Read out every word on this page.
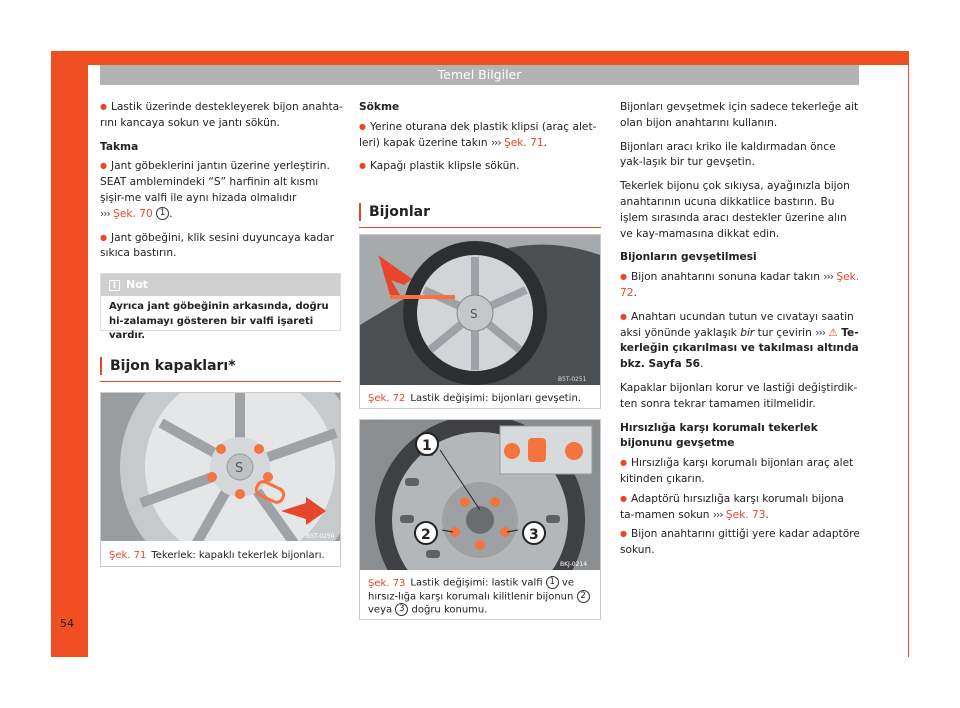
Temel Bilgiler
54

● Lastik üzerinde destekleyerek bijon anahta-rını kancaya sokun ve jantı sökün.

Takma

● Jant göbeklerini jantın üzerine yerleştirin. SEAT amblemindeki “S” harfinin alt kısmı şişir-me valfi ile aynı hizada olmalıdır
››› Şek. 70 1 .

● Jant göbeğini, klik sesini duyuncaya kadar sıkıca bastırın.

i Not
Ayrıca jant göbeğinin arkasında, doğru hi-zalamayı gösteren bir valfi işareti vardır.
Bijon kapakları*
S
B5T-0250
Şek. 71 Tekerlek: kapaklı tekerlek bijonları.

Sökme

● Yerine oturana dek plastik klipsi (araç alet-leri) kapak üzerine takın ››› Şek. 71.

● Kapağı plastik klipsle sökün.

Bijonlar
S
B5T-0251
Şek. 72 Lastik değişimi: bijonları gevşetin.
1
2	3
BKJ-0214
Şek. 73 Lastik değişimi: lastik valfi 1 ve hırsız-lığa karşı korumalı kilitlenir bijonun 2 veya 3 doğru konumu.

Bijonları gevşetmek için sadece tekerleğe ait olan bijon anahtarını kullanın.

Bijonları aracı kriko ile kaldırmadan önce yak-laşık bir tur gevşetin.

Tekerlek bijonu çok sıkıysa, ayağınızla bijon anahtarının ucuna dikkatlice bastırın. Bu işlem sırasında aracı destekler üzerine alın ve kay-mamasına dikkat edin.

Bijonların gevşetilmesi

● Bijon anahtarını sonuna kadar takın ››› Şek. 72.

● Anahtarı ucundan tutun ve cıvatayı saatin aksi yönünde yaklaşık bir tur çevirin ››› ⚠ Te-kerleğin çıkarılması ve takılması altında bkz. Sayfa 56.

Kapaklar bijonları korur ve lastiği değiştirdik-ten sonra tekrar tamamen itilmelidir.

Hırsızlığa karşı korumalı tekerlek bijonunu gevşetme

● Hırsızlığa karşı korumalı bijonları araç alet kitinden çıkarın.

● Adaptörü hırsızlığa karşı korumalı bijona ta-mamen sokun ››› Şek. 73.

● Bijon anahtarını gittiği yere kadar adaptöre sokun.
